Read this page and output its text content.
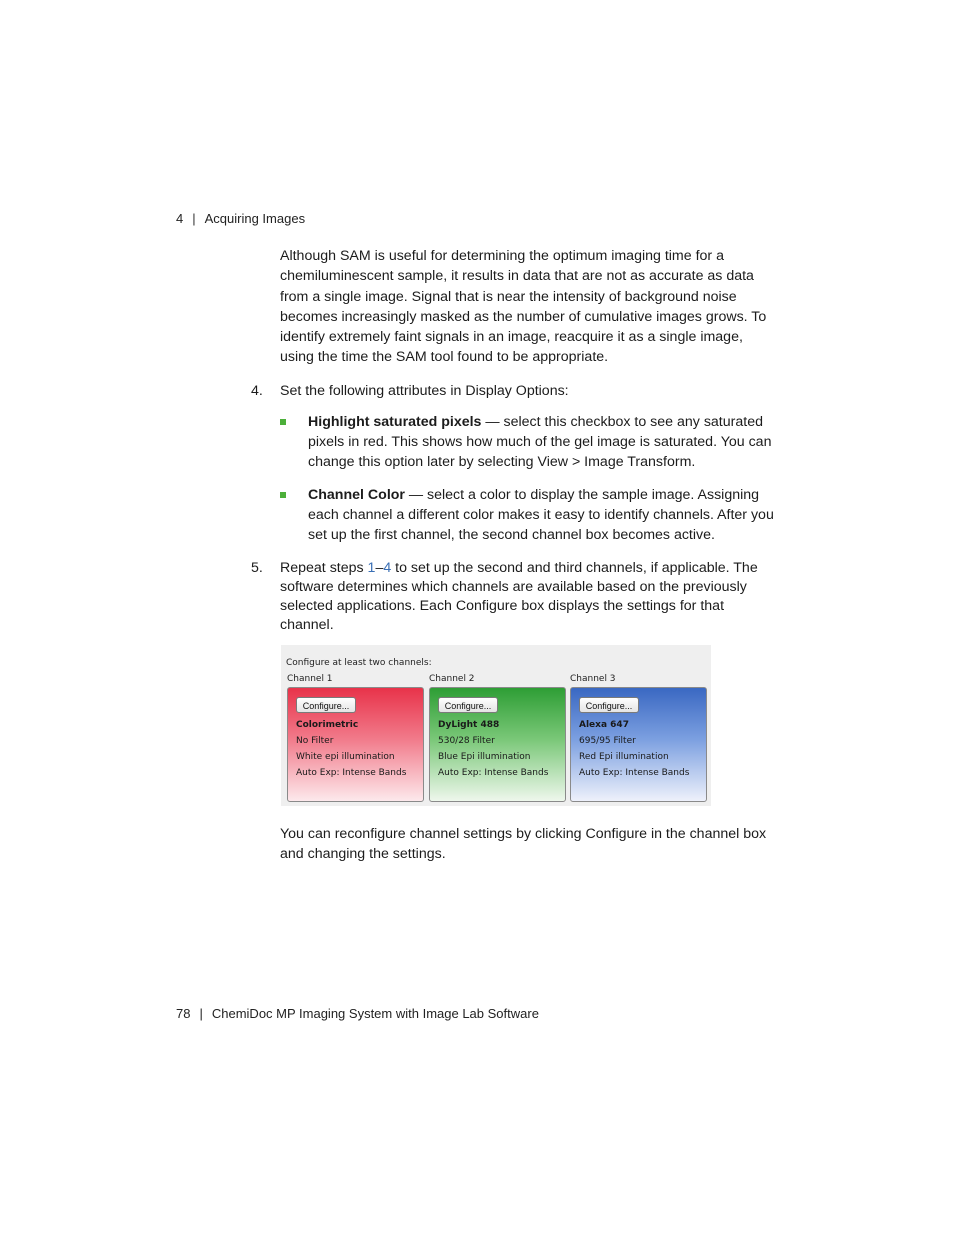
4 | Acquiring Images
Although SAM is useful for determining the optimum imaging time for a chemiluminescent sample, it results in data that are not as accurate as data from a single image. Signal that is near the intensity of background noise becomes increasingly masked as the number of cumulative images grows. To identify extremely faint signals in an image, reacquire it as a single image, using the time the SAM tool found to be appropriate.
4. Set the following attributes in Display Options:
Highlight saturated pixels — select this checkbox to see any saturated pixels in red. This shows how much of the gel image is saturated. You can change this option later by selecting View > Image Transform.
Channel Color — select a color to display the sample image. Assigning each channel a different color makes it easy to identify channels. After you set up the first channel, the second channel box becomes active.
5. Repeat steps 1–4 to set up the second and third channels, if applicable. The software determines which channels are available based on the previously selected applications. Each Configure box displays the settings for that channel.
Configure at least two channels:
Channel 1	Channel 2	Channel 3
Configure...
Colorimetric
No Filter
White epi illumination
Auto Exp: Intense Bands
Configure...
DyLight 488
530/28 Filter
Blue Epi illumination
Auto Exp: Intense Bands
Configure...
Alexa 647
695/95 Filter
Red Epi illumination
Auto Exp: Intense Bands
You can reconfigure channel settings by clicking Configure in the channel box and changing the settings.
78 | ChemiDoc MP Imaging System with Image Lab Software
